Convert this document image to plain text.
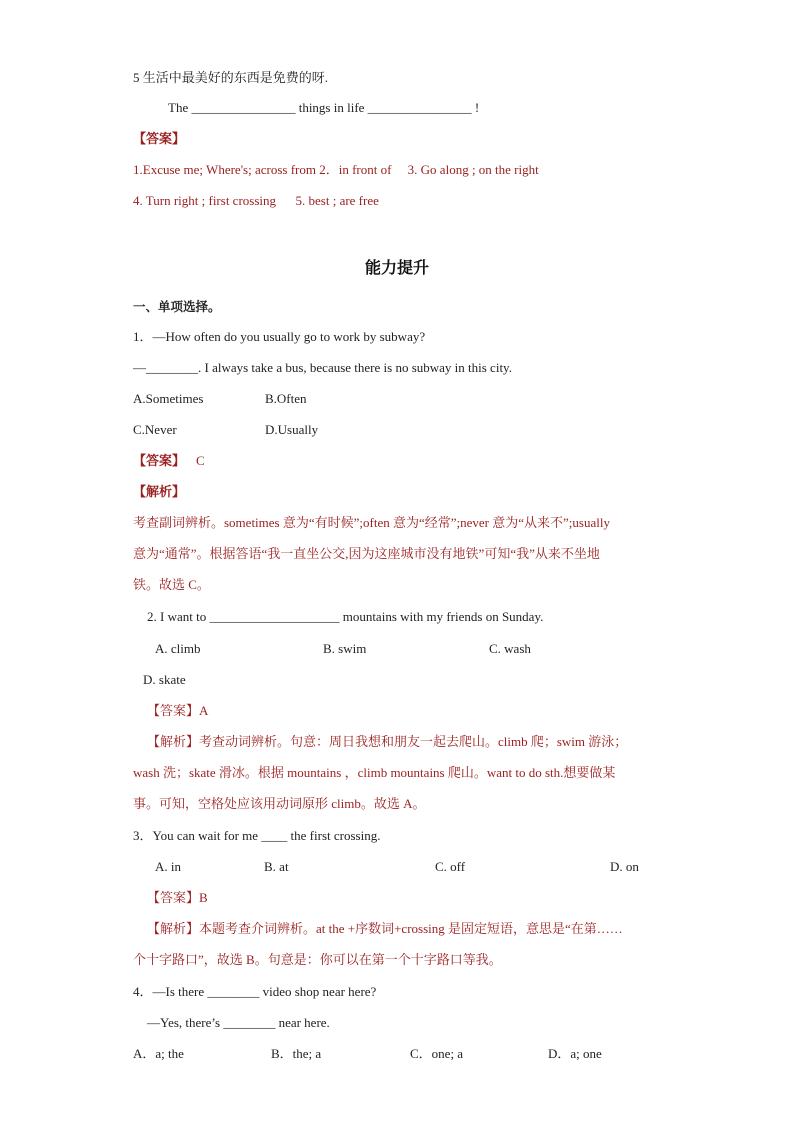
5 生活中最美好的东西是免费的呀.
The ________________ things in life ________________ !
【答案】
1.Excuse me; Where's; across from 2．in front of 　3. Go along ; on the right
4. Turn right ; first crossing 　 5. best ; are free
能力提升
一、单项选择。
1．—How often do you usually go to work by subway?
—________. I always take a bus, because there is no subway in this city.
A.Sometimes	B.Often
C.Never	D.Usually
【答案】 C
【解析】
考查副词辨析。sometimes 意为“有时候”;often 意为“经常”;never 意为“从来不”;usually
意为“通常”。根据答语“我一直坐公交,因为这座城市没有地铁”可知“我”从来不坐地
铁。故选 C。
2. I want to ____________________ mountains with my friends on Sunday.
A. climb	B. swim	C. wash
D. skate
【答案】A
【解析】考查动词辨析。句意：周日我想和朋友一起去爬山。climb 爬；swim 游泳；
wash 洗；skate 滑冰。根据 mountains ，climb mountains 爬山。want to do sth.想要做某
事。可知，空格处应该用动词原形 climb。故选 A。
3．You can wait for me ____ the first crossing.
A. in	B. at	C. off	D. on
【答案】B
【解析】本题考查介词辨析。at the +序数词+crossing 是固定短语，意思是“在第……
个十字路口”，故选 B。句意是：你可以在第一个十字路口等我。
4．—Is there ________ video shop near here?
—Yes, there’s ________ near here.
A．a; the	B．the; a	C．one; a	D．a; one
